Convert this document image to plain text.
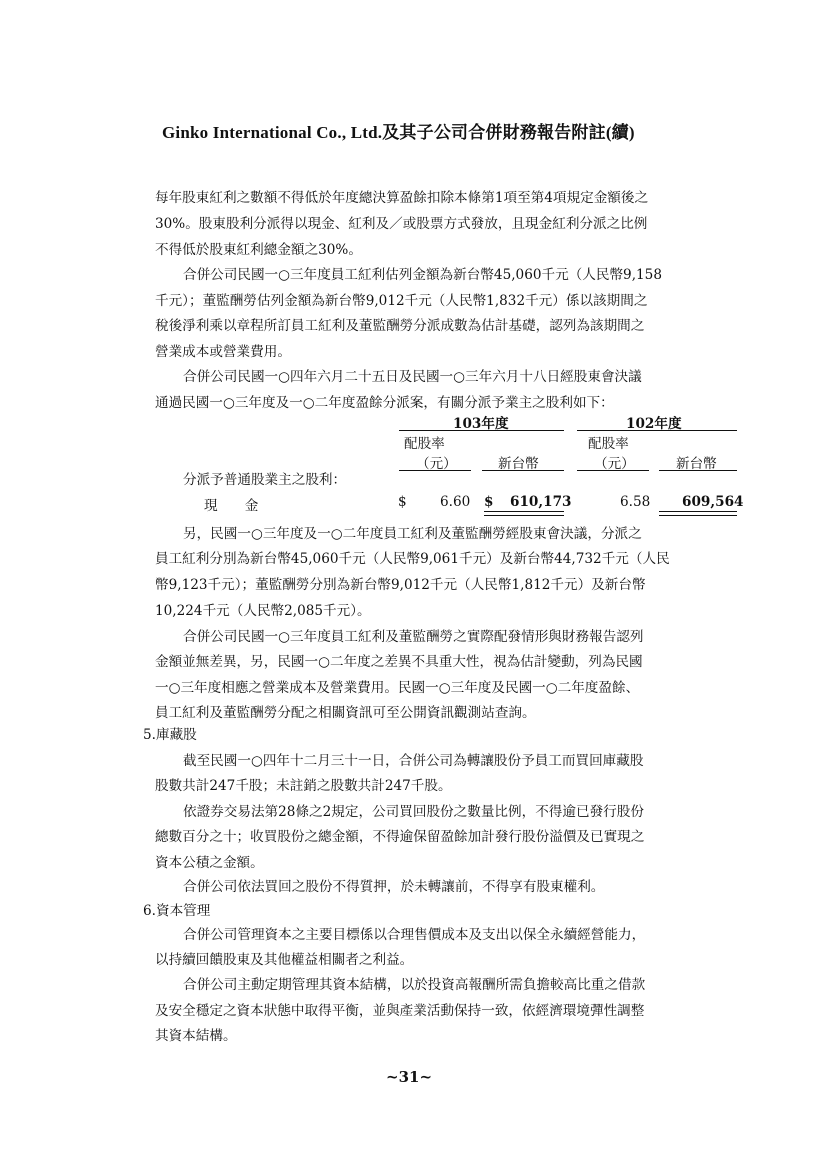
Ginko International Co., Ltd.及其子公司合併財務報告附註(續)
每年股東紅利之數額不得低於年度總決算盈餘扣除本條第1項至第4項規定金額後之
30%。股東股利分派得以現金、紅利及／或股票方式發放，且現金紅利分派之比例
不得低於股東紅利總金額之30%。
合併公司民國一○三年度員工紅利估列金額為新台幣45,060千元（人民幣9,158
千元）；董監酬勞估列金額為新台幣9,012千元（人民幣1,832千元）係以該期間之
稅後淨利乘以章程所訂員工紅利及董監酬勞分派成數為估計基礎，認列為該期間之
營業成本或營業費用。
合併公司民國一○四年六月二十五日及民國一○三年六月十八日經股東會決議
通過民國一○三年度及一○二年度盈餘分派案，有關分派予業主之股利如下：
103年度	102年度
配股率	配股率
（元）	新台幣	（元）	新台幣
分派予普通股業主之股利：
現　　金	$ 6.60 $ 610,173	6.58 609,564
另，民國一○三年度及一○二年度員工紅利及董監酬勞經股東會決議，分派之
員工紅利分別為新台幣45,060千元（人民幣9,061千元）及新台幣44,732千元（人民
幣9,123千元）；董監酬勞分別為新台幣9,012千元（人民幣1,812千元）及新台幣
10,224千元（人民幣2,085千元）。
合併公司民國一○三年度員工紅利及董監酬勞之實際配發情形與財務報告認列
金額並無差異，另，民國一○二年度之差異不具重大性，視為估計變動，列為民國
一○三年度相應之營業成本及營業費用。民國一○三年度及民國一○二年度盈餘、
員工紅利及董監酬勞分配之相關資訊可至公開資訊觀測站查詢。
5.庫藏股
截至民國一○四年十二月三十一日，合併公司為轉讓股份予員工而買回庫藏股
股數共計247千股；未註銷之股數共計247千股。
依證券交易法第28條之2規定，公司買回股份之數量比例，不得逾已發行股份
總數百分之十；收買股份之總金額，不得逾保留盈餘加計發行股份溢價及已實現之
資本公積之金額。
合併公司依法買回之股份不得質押，於未轉讓前，不得享有股東權利。
6.資本管理
合併公司管理資本之主要目標係以合理售價成本及支出以保全永續經營能力，
以持續回饋股東及其他權益相關者之利益。
合併公司主動定期管理其資本結構，以於投資高報酬所需負擔較高比重之借款
及安全穩定之資本狀態中取得平衡，並與產業活動保持一致，依經濟環境彈性調整
其資本結構。
~31~
